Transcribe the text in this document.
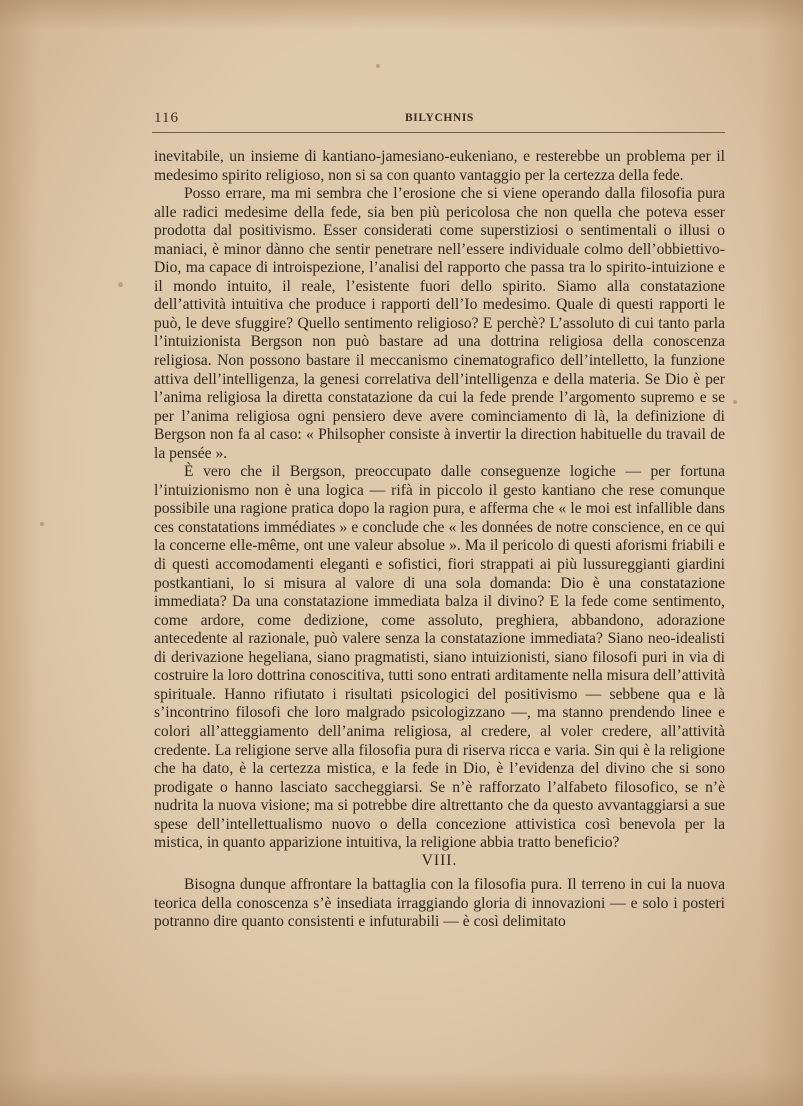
116	BILYCHNIS

inevitabile, un insieme di kantiano-jamesiano-eukeniano, e resterebbe un problema per il medesimo spirito religioso, non si sa con quanto vantaggio per la certezza della fede.

Posso errare, ma mi sembra che l’erosione che si viene operando dalla filosofia pura alle radici medesime della fede, sia ben più pericolosa che non quella che poteva esser prodotta dal positivismo. Esser considerati come superstiziosi o sentimentali o illusi o maniaci, è minor dànno che sentir penetrare nell’essere individuale colmo dell’obbiettivo-Dio, ma capace di introispezione, l’analisi del rapporto che passa tra lo spirito-intuizione e il mondo intuito, il reale, l’esistente fuori dello spirito. Siamo alla constatazione dell’attività intuitiva che produce i rapporti dell’Io medesimo. Quale di questi rapporti le può, le deve sfuggire? Quello sentimento religioso? E perchè? L’assoluto di cui tanto parla l’intuizionista Bergson non può bastare ad una dottrina religiosa della conoscenza religiosa. Non possono bastare il meccanismo cinematografico dell’intelletto, la funzione attiva dell’intelligenza, la genesi correlativa dell’intelligenza e della materia. Se Dio è per l’anima religiosa la diretta constatazione da cui la fede prende l’argomento supremo e se per l’anima religiosa ogni pensiero deve avere cominciamento di là, la definizione di Bergson non fa al caso: « Philsopher consiste à invertir la direction habituelle du travail de la pensée ».

È vero che il Bergson, preoccupato dalle conseguenze logiche — per fortuna l’intuizionismo non è una logica — rifà in piccolo il gesto kantiano che rese comunque possibile una ragione pratica dopo la ragion pura, e afferma che « le moi est infallible dans ces constatations immédiates » e conclude che « les données de notre conscience, en ce qui la concerne elle-même, ont une valeur absolue ». Ma il pericolo di questi aforismi friabili e di questi accomodamenti eleganti e sofistici, fiori strappati ai più lussureggianti giardini postkantiani, lo si misura al valore di una sola domanda: Dio è una constatazione immediata? Da una constatazione immediata balza il divino? E la fede come sentimento, come ardore, come dedizione, come assoluto, preghiera, abbandono, adorazione antecedente al razionale, può valere senza la constatazione immediata? Siano neo-idealisti di derivazione hegeliana, siano pragmatisti, siano intuizionisti, siano filosofi puri in via di costruire la loro dottrina conoscitiva, tutti sono entrati arditamente nella misura dell’attività spirituale. Hanno rifiutato i risultati psicologici del positivismo — sebbene qua e là s’incontrino filosofi che loro malgrado psicologizzano —, ma stanno prendendo linee e colori all’atteggiamento dell’anima religiosa, al credere, al voler credere, all’attività credente. La religione serve alla filosofia pura di riserva ricca e varia. Sin qui è la religione che ha dato, è la certezza mistica, e la fede in Dio, è l’evidenza del divino che si sono prodigate o hanno lasciato saccheggiarsi. Se n’è rafforzato l’alfabeto filosofico, se n’è nudrita la nuova visione; ma si potrebbe dire altrettanto che da questo avvantaggiarsi a sue spese dell’intellettualismo nuovo o della concezione attivistica così benevola per la mistica, in quanto apparizione intuitiva, la religione abbia tratto beneficio?

VIII.

Bisogna dunque affrontare la battaglia con la filosofia pura. Il terreno in cui la nuova teorica della conoscenza s’è insediata irraggiando gloria di innovazioni — e solo i posteri potranno dire quanto consistenti e infuturabili — è così delimitato
